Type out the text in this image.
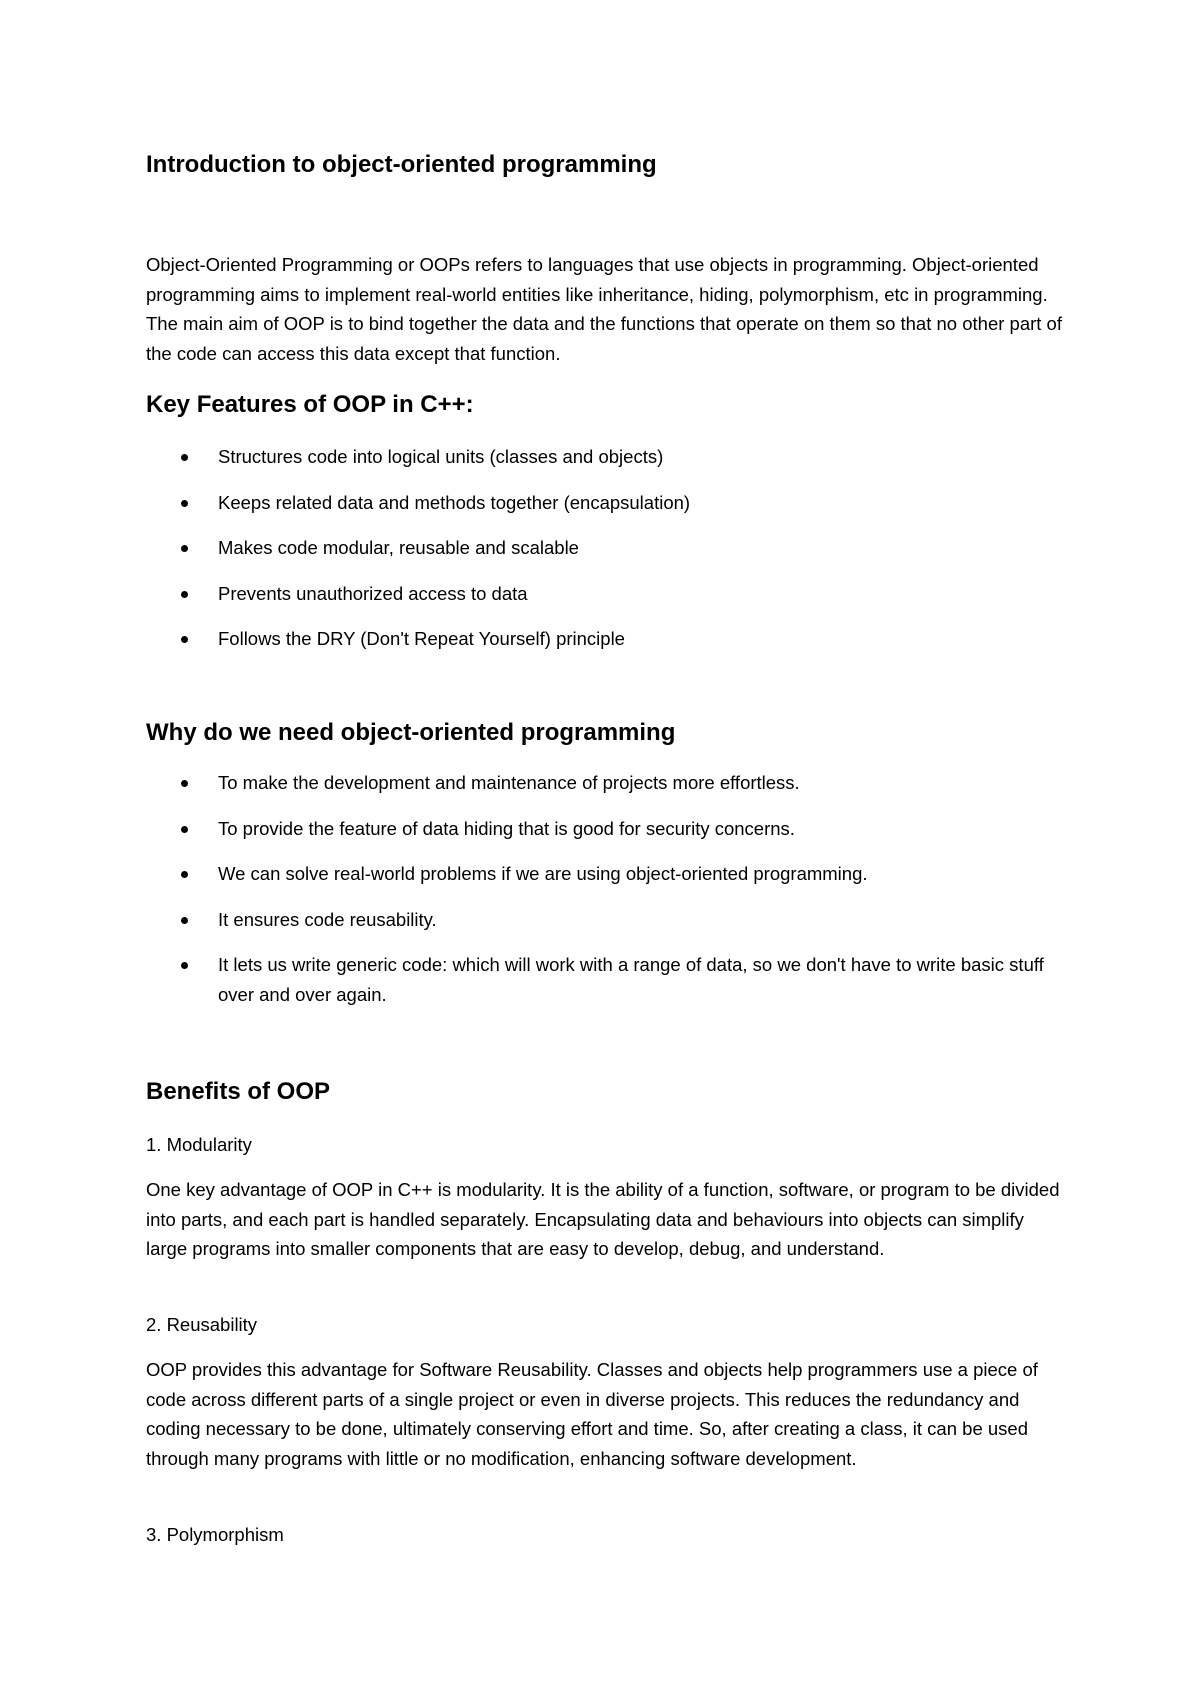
Introduction to object-oriented programming

Object-Oriented Programming or OOPs refers to languages that use objects in programming. Object-oriented programming aims to implement real-world entities like inheritance, hiding, polymorphism, etc in programming. The main aim of OOP is to bind together the data and the functions that operate on them so that no other part of the code can access this data except that function.

Key Features of OOP in C++:
Structures code into logical units (classes and objects)
Keeps related data and methods together (encapsulation)
Makes code modular, reusable and scalable
Prevents unauthorized access to data
Follows the DRY (Don't Repeat Yourself) principle
Why do we need object-oriented programming
To make the development and maintenance of projects more effortless.
To provide the feature of data hiding that is good for security concerns.
We can solve real-world problems if we are using object-oriented programming.
It ensures code reusability.
It lets us write generic code: which will work with a range of data, so we don't have to write basic stuff over and over again.
Benefits of OOP

1. Modularity

One key advantage of OOP in C++ is modularity. It is the ability of a function, software, or program to be divided into parts, and each part is handled separately. Encapsulating data and behaviours into objects can simplify large programs into smaller components that are easy to develop, debug, and understand.

2. Reusability

OOP provides this advantage for Software Reusability. Classes and objects help programmers use a piece of code across different parts of a single project or even in diverse projects. This reduces the redundancy and coding necessary to be done, ultimately conserving effort and time. So, after creating a class, it can be used through many programs with little or no modification, enhancing software development.

3. Polymorphism
